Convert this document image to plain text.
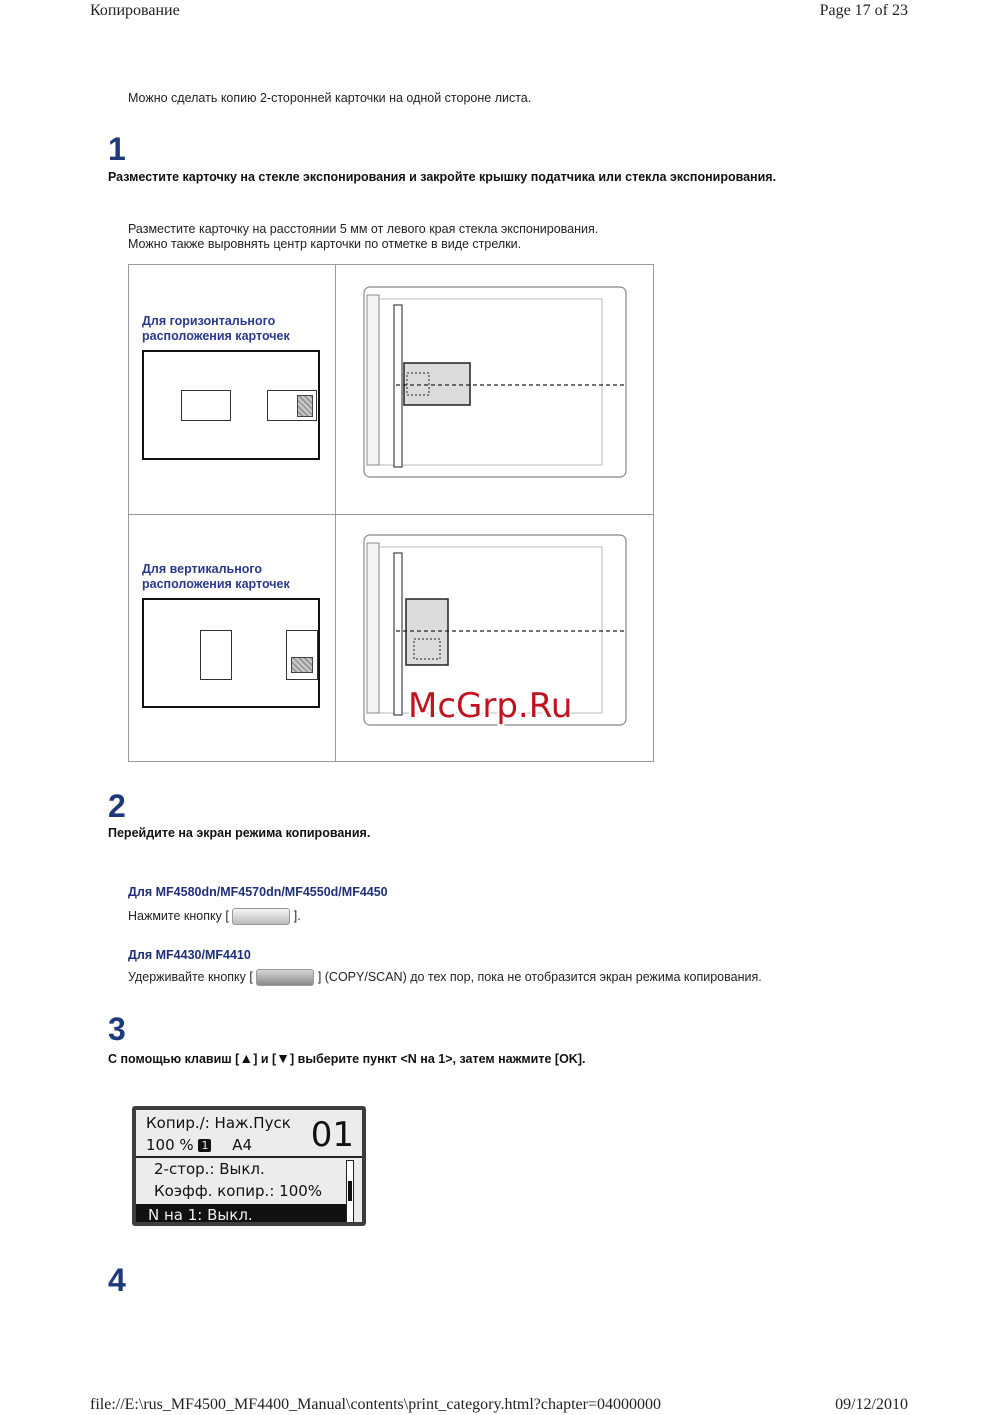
Копирование	Page 17 of 23
Можно сделать копию 2-сторонней карточки на одной стороне листа.
1
Разместите карточку на стекле экспонирования и закройте крышку податчика или стекла экспонирования.
Разместите карточку на расстоянии 5 мм от левого края стекла экспонирования.
Можно также выровнять центр карточки по отметке в виде стрелки.
Для горизонтального
расположения карточек
Для вертикального
расположения карточек
McGrp.Ru
2
Перейдите на экран режима копирования.
Для MF4580dn/MF4570dn/MF4550d/MF4450
Нажмите кнопку [	].
Для MF4430/MF4410
Удерживайте кнопку [	] (COPY/SCAN) до тех пор, пока не отобразится экран режима копирования.
3
С помощью клавиш [▲] и [▼] выберите пункт <N на 1>, затем нажмите [OK].
Копир./: Наж.Пуск
100 % 1 A4 01
2-стор.: Выкл.
Коэфф. копир.: 100%
N на 1: Выкл.
4
file://E:\rus_MF4500_MF4400_Manual\contents\print_category.html?chapter=04000000	09/12/2010
